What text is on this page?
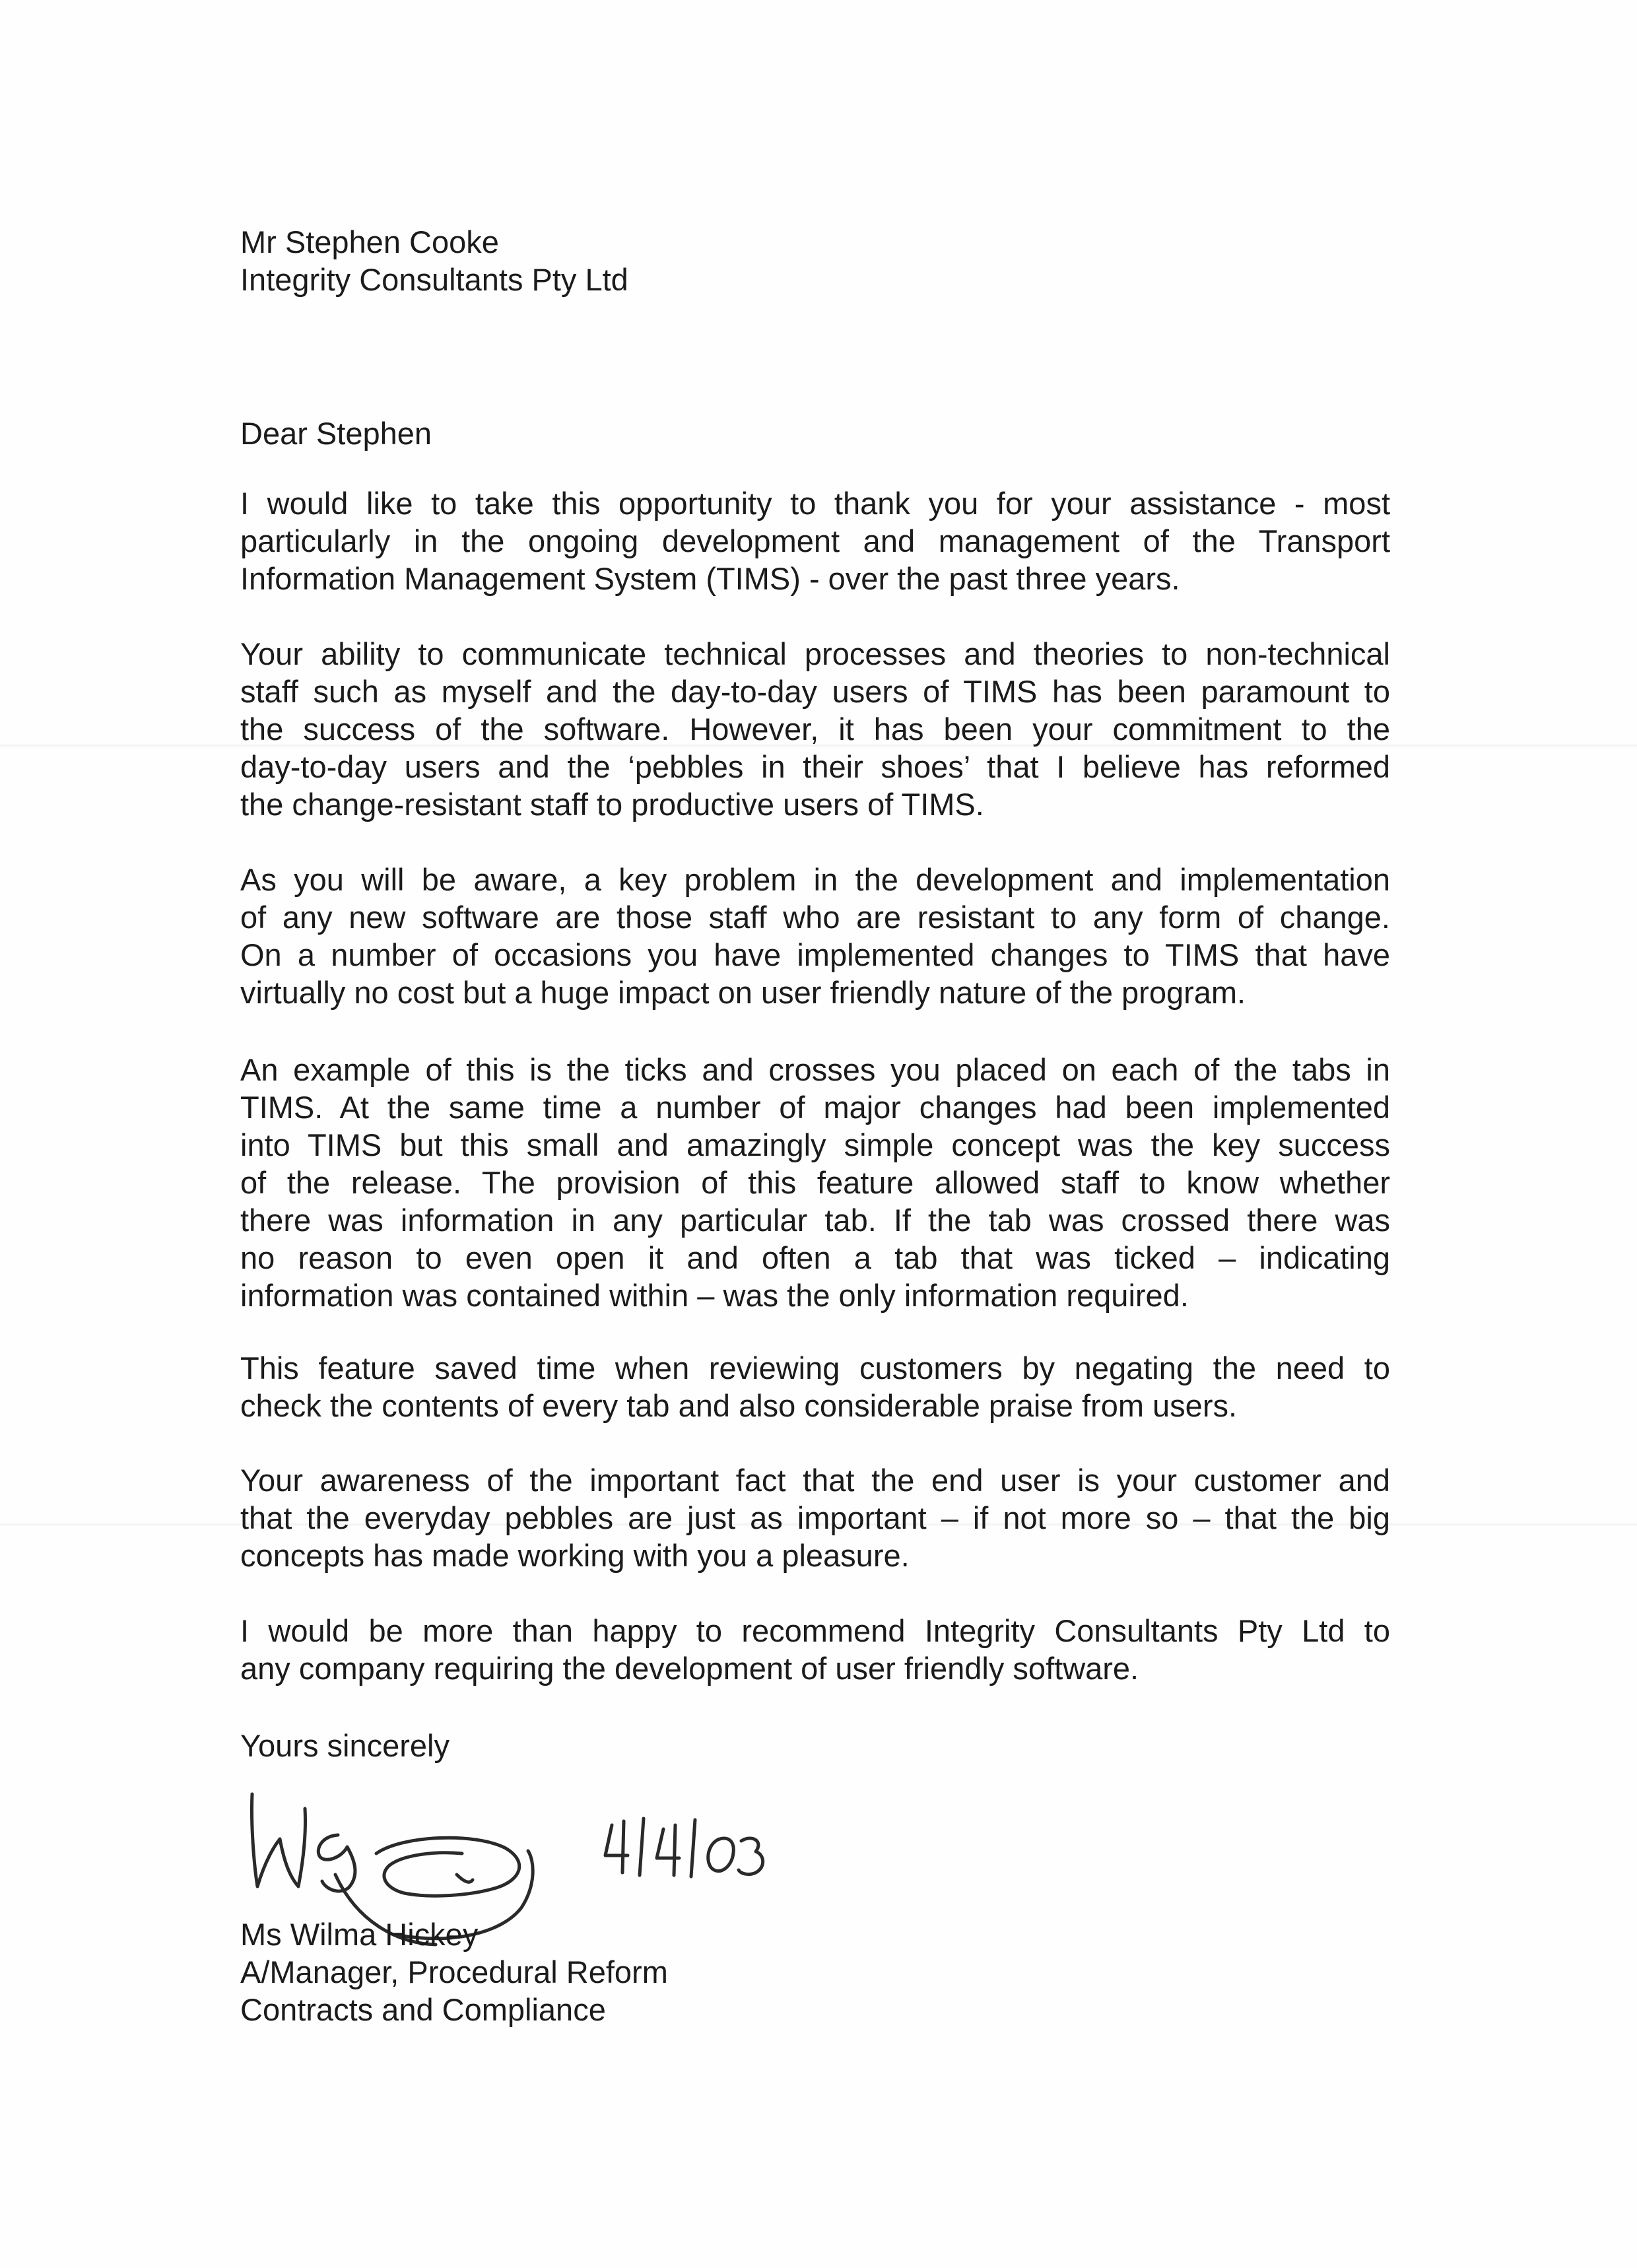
Mr Stephen Cooke
Integrity Consultants Pty Ltd
Dear Stephen
I would like to take this opportunity to thank you for your assistance - most
particularly in the ongoing development and management of the Transport
Information Management System (TIMS) - over the past three years.
Your ability to communicate technical processes and theories to non-technical
staff such as myself and the day-to-day users of TIMS has been paramount to
the success of the software. However, it has been your commitment to the
day-to-day users and the ‘pebbles in their shoes’ that I believe has reformed
the change-resistant staff to productive users of TIMS.
As you will be aware, a key problem in the development and implementation
of any new software are those staff who are resistant to any form of change.
On a number of occasions you have implemented changes to TIMS that have
virtually no cost but a huge impact on user friendly nature of the program.
An example of this is the ticks and crosses you placed on each of the tabs in
TIMS. At the same time a number of major changes had been implemented
into TIMS but this small and amazingly simple concept was the key success
of the release. The provision of this feature allowed staff to know whether
there was information in any particular tab. If the tab was crossed there was
no reason to even open it and often a tab that was ticked – indicating
information was contained within – was the only information required.
This feature saved time when reviewing customers by negating the need to
check the contents of every tab and also considerable praise from users.
Your awareness of the important fact that the end user is your customer and
that the everyday pebbles are just as important – if not more so – that the big
concepts has made working with you a pleasure.
I would be more than happy to recommend Integrity Consultants Pty Ltd to
any company requiring the development of user friendly software.
Yours sincerely
Ms Wilma Hickey
A/Manager, Procedural Reform
Contracts and Compliance
